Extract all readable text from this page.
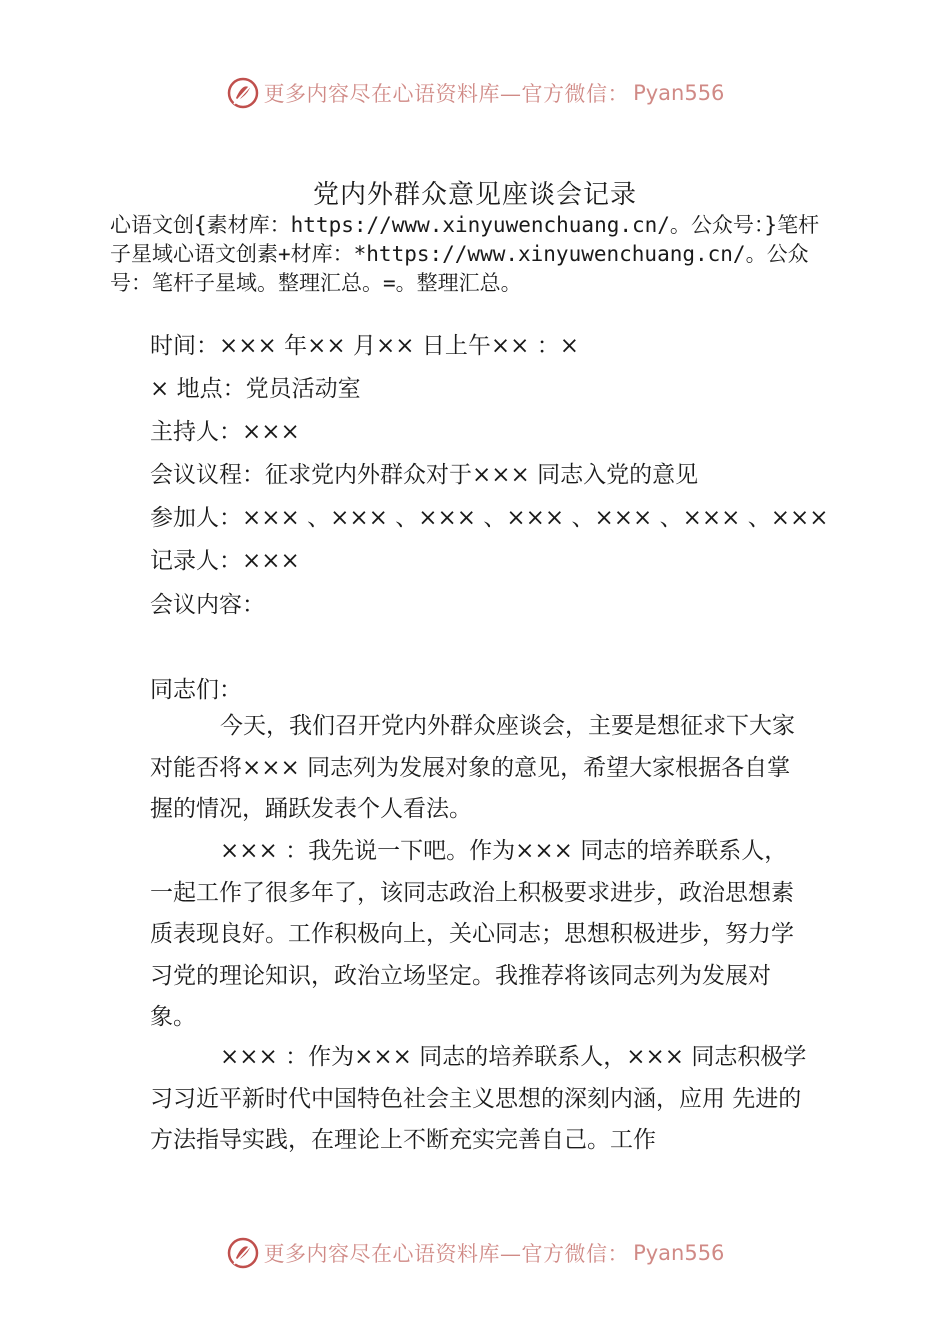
更多内容尽在心语资料库—官方微信： Pyan556
党内外群众意见座谈会记录
心语文创{素材库：https://www.xinyuwenchuang.cn/。公众号：}笔杆子星域心语文创素+材库：*https://www.xinyuwenchuang.cn/。公众号：笔杆子星域。整理汇总。=。整理汇总。
时间：××× 年×× 月×× 日上午×× ：×
× 地点：党员活动室
主持人：×××
会议议程：征求党内外群众对于××× 同志入党的意见
参加人：××× 、××× 、××× 、××× 、××× 、××× 、×××
记录人：×××
会议内容：
同志们：
今天，我们召开党内外群众座谈会，主要是想征求下大家对能否将××× 同志列为发展对象的意见，希望大家根据各自掌握的情况，踊跃发表个人看法。
××× ：我先说一下吧。作为××× 同志的培养联系人，一起工作了很多年了，该同志政治上积极要求进步，政治思想素质表现良好。工作积极向上，关心同志；思想积极进步，努力学习党的理论知识，政治立场坚定。我推荐将该同志列为发展对象。
××× ：作为××× 同志的培养联系人，××× 同志积极学习习近平新时代中国特色社会主义思想的深刻内涵，应用 先进的方法指导实践，在理论上不断充实完善自己。工作
更多内容尽在心语资料库—官方微信： Pyan556
